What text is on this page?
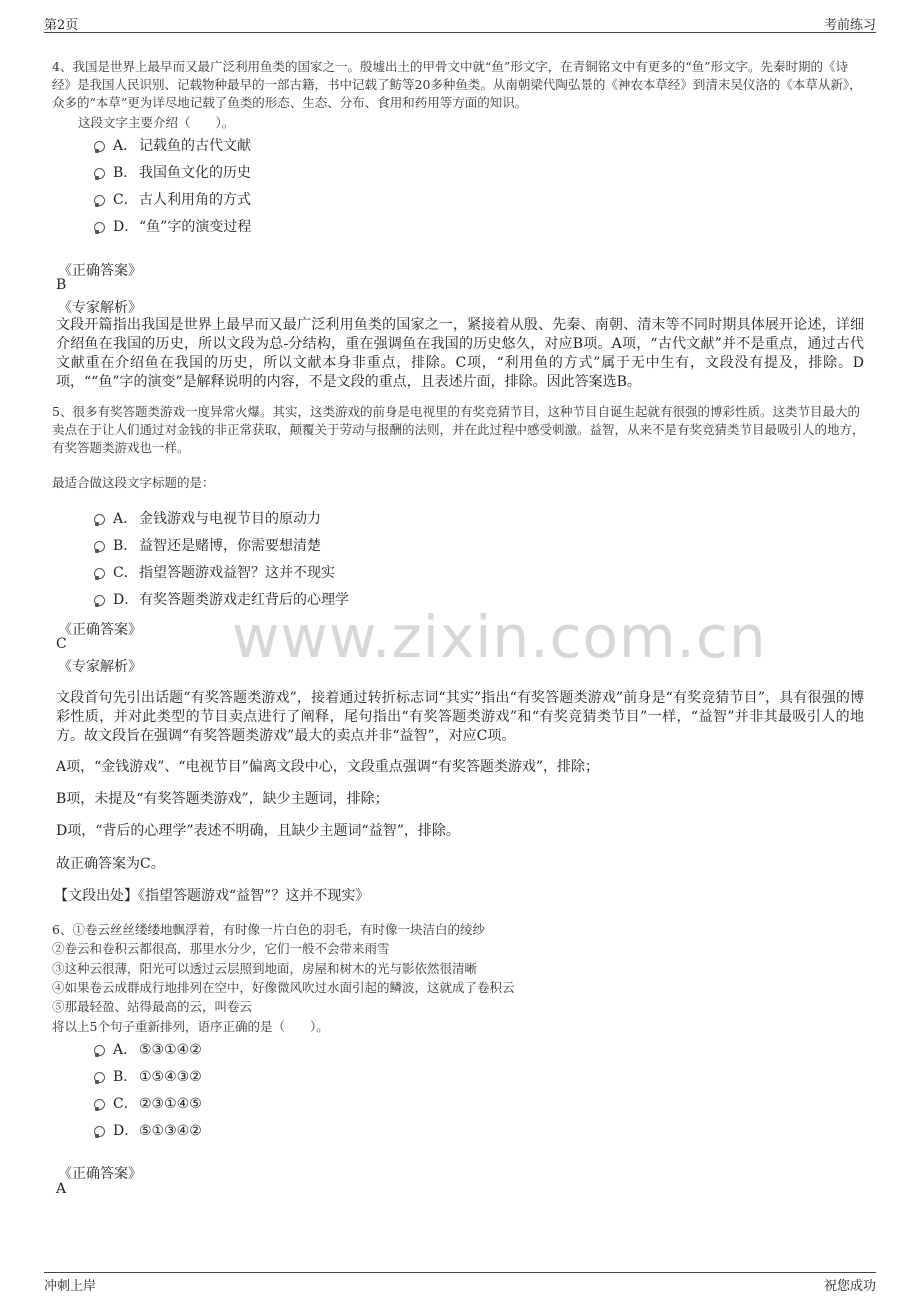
第2页	考前练习
www.zixin.com.cn
4、我国是世界上最早而又最广泛利用鱼类的国家之一。殷墟出土的甲骨文中就“鱼”形文字，在青铜铭文中有更多的“鱼”形文字。先秦时期的《诗经》是我国人民识别、记载物种最早的一部古籍，书中记载了鲂等20多种鱼类。从南朝梁代陶弘景的《神农本草经》到清末吴仪洛的《本草从新》，众多的“本草”更为详尽地记载了鱼类的形态、生态、分布、食用和药用等方面的知识。
这段文字主要介绍（　　）。
A． 记载鱼的古代文献
B． 我国鱼文化的历史
C．古人利用角的方式
D．“鱼”字的演变过程
《正确答案》
B
《专家解析》
文段开篇指出我国是世界上最早而又最广泛利用鱼类的国家之一，紧接着从殷、先秦、南朝、清末等不同时期具体展开论述，详细介绍鱼在我国的历史，所以文段为总-分结构，重在强调鱼在我国的历史悠久，对应B项。A项，“古代文献”并不是重点，通过古代文献重在介绍鱼在我国的历史，所以文献本身非重点，排除。C项，“利用鱼的方式”属于无中生有，文段没有提及，排除。D项，““鱼”字的演变”是解释说明的内容，不是文段的重点，且表述片面，排除。因此答案选B。
5、很多有奖答题类游戏一度异常火爆。其实，这类游戏的前身是电视里的有奖竞猜节目，这种节目自诞生起就有很强的博彩性质。这类节目最大的卖点在于让人们通过对金钱的非正常获取，颠覆关于劳动与报酬的法则，并在此过程中感受刺激。益智，从来不是有奖竞猜类节目最吸引人的地方，有奖答题类游戏也一样。
最适合做这段文字标题的是：
A． 金钱游戏与电视节目的原动力
B． 益智还是赌博，你需要想清楚
C．指望答题游戏益智？这并不现实
D．有奖答题类游戏走红背后的心理学
《正确答案》
C
《专家解析》
文段首句先引出话题“有奖答题类游戏”，接着通过转折标志词“其实”指出“有奖答题类游戏”前身是“有奖竞猜节目”，具有很强的博彩性质，并对此类型的节目卖点进行了阐释，尾句指出“有奖答题类游戏”和“有奖竞猜类节目”一样，“益智”并非其最吸引人的地方。故文段旨在强调“有奖答题类游戏”最大的卖点并非“益智”，对应C项。
A项，“金钱游戏”、“电视节目”偏离文段中心，文段重点强调“有奖答题类游戏”，排除；
B项，未提及“有奖答题类游戏”，缺少主题词，排除；
D项，“背后的心理学”表述不明确，且缺少主题词“益智”，排除。
故正确答案为C。
【文段出处】《指望答题游戏“益智”？这并不现实》
6、①卷云丝丝缕缕地飘浮着，有时像一片白色的羽毛，有时像一块洁白的绫纱
②卷云和卷积云都很高，那里水分少，它们一般不会带来雨雪
③这种云很薄，阳光可以透过云层照到地面，房屋和树木的光与影依然很清晰
④如果卷云成群成行地排列在空中，好像微风吹过水面引起的鳞波，这就成了卷积云
⑤那最轻盈、站得最高的云，叫卷云
将以上5个句子重新排列，语序正确的是（　　）。
A． ⑤③①④②
B． ①⑤④③②
C．②③①④⑤
D．⑤①③④②
《正确答案》
A
冲刺上岸	祝您成功
